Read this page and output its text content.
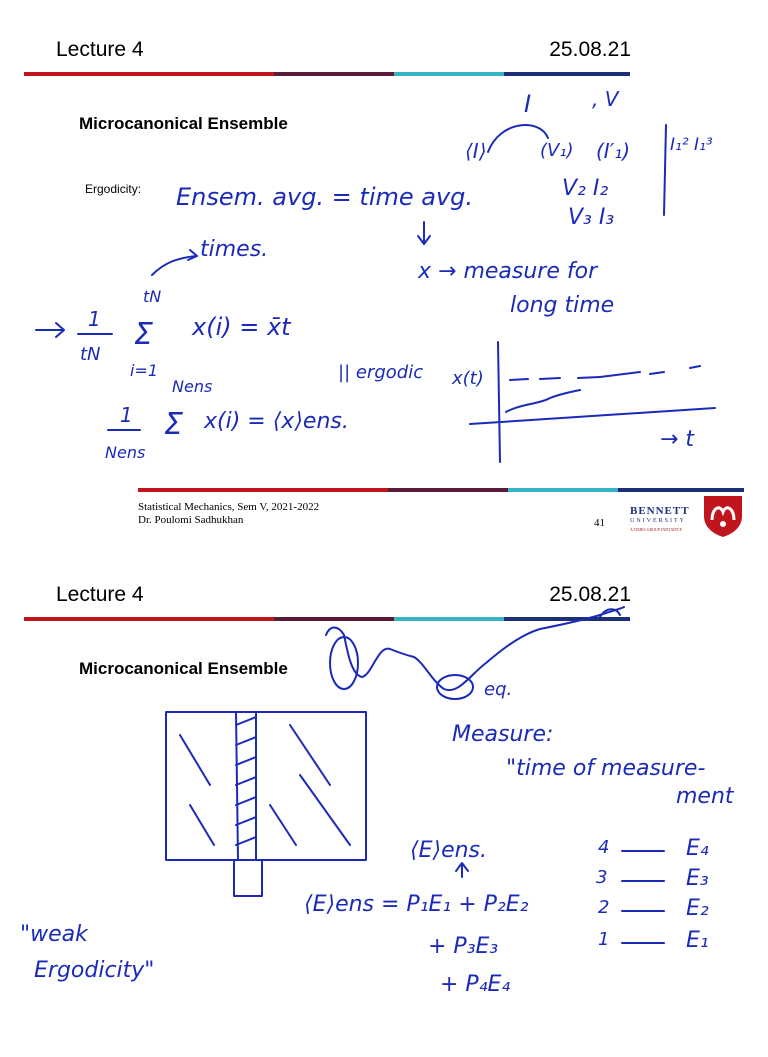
Lecture 4	25.08.21
Microcanonical Ensemble
Ergodicity:
I	, V
⟨I⟩	(V₁) (I′₁) I₁² I₁³
Ensem. avg. = time avg.	V₂ I₂
V₃ I₃
times.
x → measure for
long time
1
tN
tN
Σ
i=1
x(i) = x̄t
|| ergodic
Nens
1
Nens
Σ x(i) = ⟨x⟩ens.
x(t)
→ t
Statistical Mechanics, Sem V, 2021-2022
Dr. Poulomi Sadhukhan	41
BENNETT
UNIVERSITY
A TIMES GROUP INITIATIVE
Lecture 4	25.08.21
Microcanonical Ensemble
eq.
Measure:
"time of measure-
ment
⟨E⟩ens.
⟨E⟩ens = P₁E₁ + P₂E₂
+ P₃E₃
+ P₄E₄
4	E₄
3	E₃
2	E₂
1	E₁
"weak
Ergodicity"
